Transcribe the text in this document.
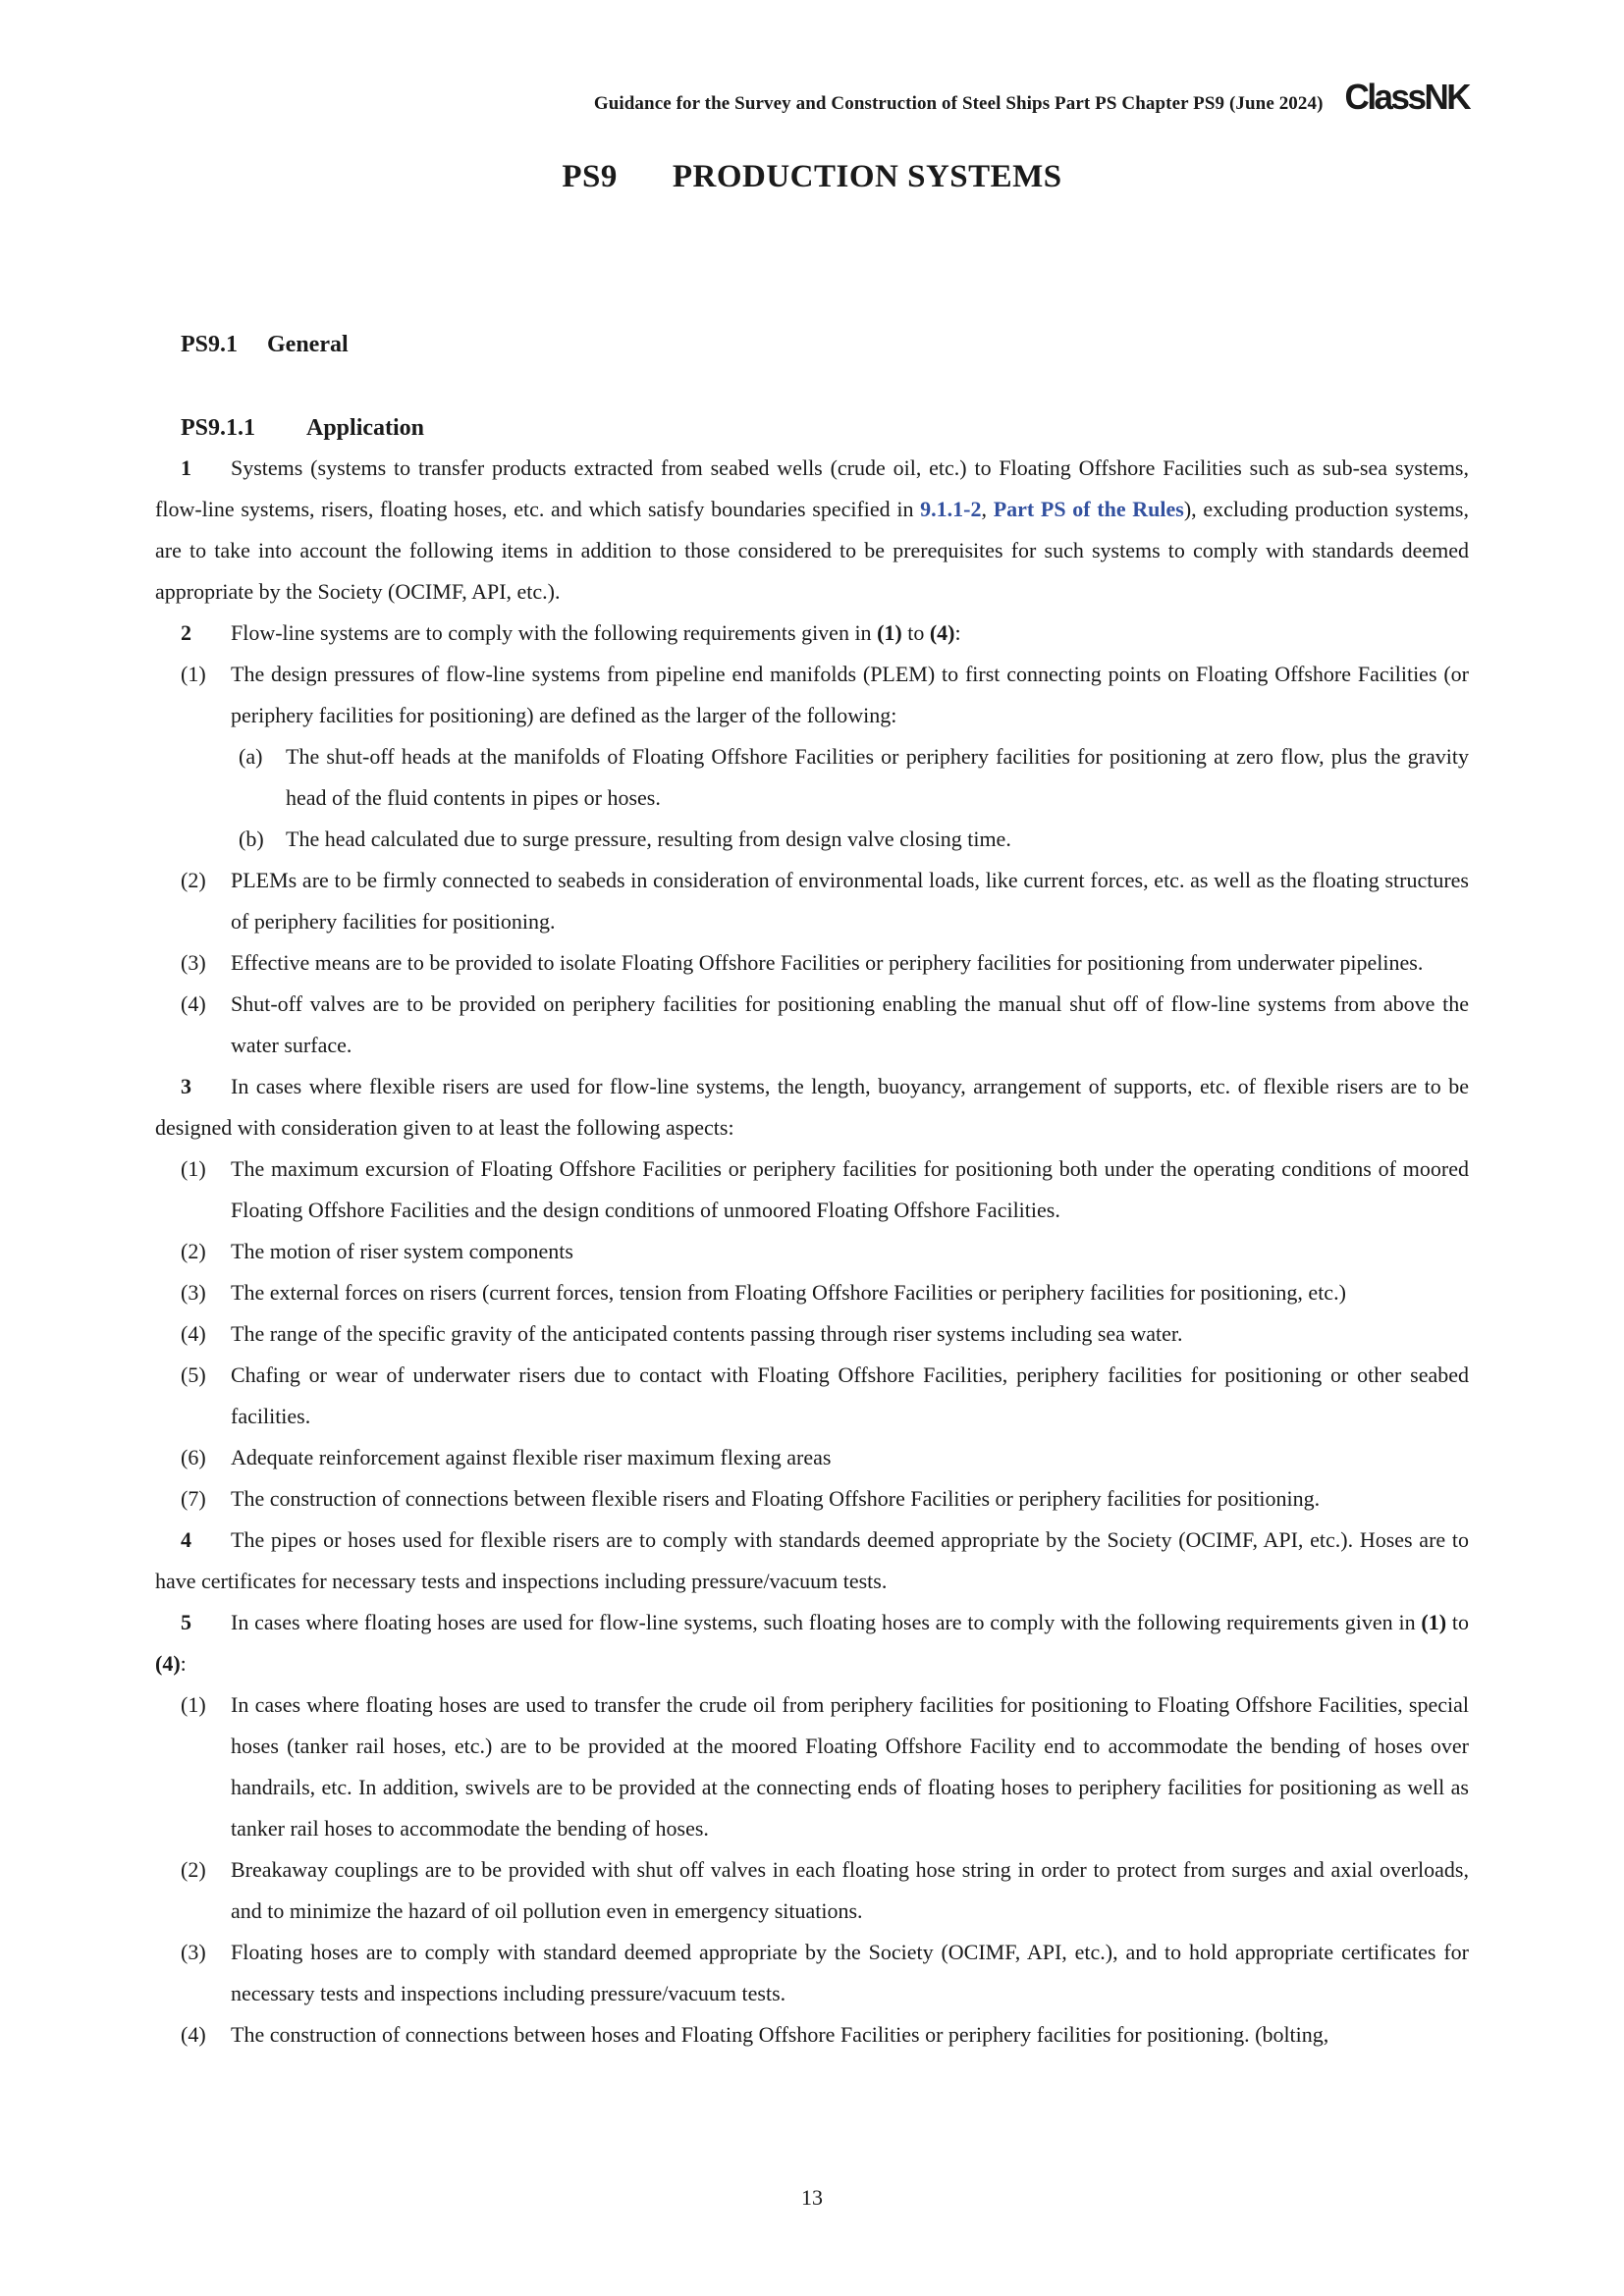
Guidance for the Survey and Construction of Steel Ships Part PS Chapter PS9 (June 2024) ClassNK
PS9 PRODUCTION SYSTEMS
PS9.1 General
PS9.1.1 Application
1 Systems (systems to transfer products extracted from seabed wells (crude oil, etc.) to Floating Offshore Facilities such as sub-sea systems, flow-line systems, risers, floating hoses, etc. and which satisfy boundaries specified in 9.1.1-2, Part PS of the Rules), excluding production systems, are to take into account the following items in addition to those considered to be prerequisites for such systems to comply with standards deemed appropriate by the Society (OCIMF, API, etc.).
2 Flow-line systems are to comply with the following requirements given in (1) to (4):
(1) The design pressures of flow-line systems from pipeline end manifolds (PLEM) to first connecting points on Floating Offshore Facilities (or periphery facilities for positioning) are defined as the larger of the following:
(a) The shut-off heads at the manifolds of Floating Offshore Facilities or periphery facilities for positioning at zero flow, plus the gravity head of the fluid contents in pipes or hoses.
(b) The head calculated due to surge pressure, resulting from design valve closing time.
(2) PLEMs are to be firmly connected to seabeds in consideration of environmental loads, like current forces, etc. as well as the floating structures of periphery facilities for positioning.
(3) Effective means are to be provided to isolate Floating Offshore Facilities or periphery facilities for positioning from underwater pipelines.
(4) Shut-off valves are to be provided on periphery facilities for positioning enabling the manual shut off of flow-line systems from above the water surface.
3 In cases where flexible risers are used for flow-line systems, the length, buoyancy, arrangement of supports, etc. of flexible risers are to be designed with consideration given to at least the following aspects:
(1) The maximum excursion of Floating Offshore Facilities or periphery facilities for positioning both under the operating conditions of moored Floating Offshore Facilities and the design conditions of unmoored Floating Offshore Facilities.
(2) The motion of riser system components
(3) The external forces on risers (current forces, tension from Floating Offshore Facilities or periphery facilities for positioning, etc.)
(4) The range of the specific gravity of the anticipated contents passing through riser systems including sea water.
(5) Chafing or wear of underwater risers due to contact with Floating Offshore Facilities, periphery facilities for positioning or other seabed facilities.
(6) Adequate reinforcement against flexible riser maximum flexing areas
(7) The construction of connections between flexible risers and Floating Offshore Facilities or periphery facilities for positioning.
4 The pipes or hoses used for flexible risers are to comply with standards deemed appropriate by the Society (OCIMF, API, etc.). Hoses are to have certificates for necessary tests and inspections including pressure/vacuum tests.
5 In cases where floating hoses are used for flow-line systems, such floating hoses are to comply with the following requirements given in (1) to (4):
(1) In cases where floating hoses are used to transfer the crude oil from periphery facilities for positioning to Floating Offshore Facilities, special hoses (tanker rail hoses, etc.) are to be provided at the moored Floating Offshore Facility end to accommodate the bending of hoses over handrails, etc. In addition, swivels are to be provided at the connecting ends of floating hoses to periphery facilities for positioning as well as tanker rail hoses to accommodate the bending of hoses.
(2) Breakaway couplings are to be provided with shut off valves in each floating hose string in order to protect from surges and axial overloads, and to minimize the hazard of oil pollution even in emergency situations.
(3) Floating hoses are to comply with standard deemed appropriate by the Society (OCIMF, API, etc.), and to hold appropriate certificates for necessary tests and inspections including pressure/vacuum tests.
(4) The construction of connections between hoses and Floating Offshore Facilities or periphery facilities for positioning. (bolting,
13
